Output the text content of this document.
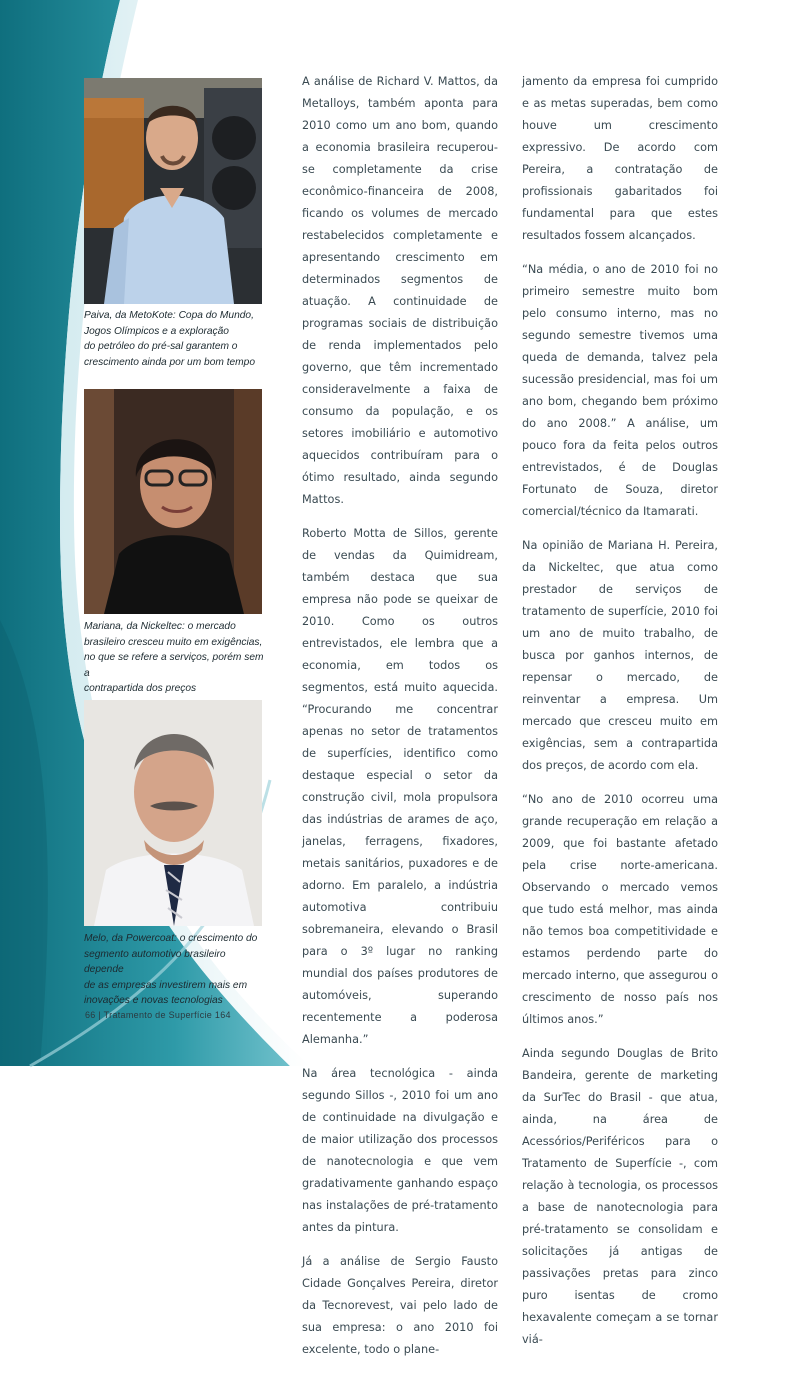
Paiva, da MetoKote: Copa do Mundo,
Jogos Olímpicos e a exploração
do petróleo do pré-sal garantem o
crescimento ainda por um bom tempo
Mariana, da Nickeltec: o mercado
brasileiro cresceu muito em exigências,
no que se refere a serviços, porém sem a
contrapartida dos preços
Melo, da Powercoat: o crescimento do
segmento automotivo brasileiro depende
de as empresas investirem mais em
inovações e novas tecnologias

A análise de Richard V. Mattos, da Metalloys, também aponta para 2010 como um ano bom, quando a economia brasileira recuperou-se completamente da crise econômico-financeira de 2008, ficando os volumes de mercado restabelecidos completamente e apresentando crescimento em determinados segmentos de atuação. A continuidade de programas sociais de distribuição de renda implementados pelo governo, que têm incrementado consideravelmente a faixa de consumo da população, e os setores imobiliário e automotivo aquecidos contribuíram para o ótimo resultado, ainda segundo Mattos.

Roberto Motta de Sillos, gerente de vendas da Quimidream, também destaca que sua empresa não pode se queixar de 2010. Como os outros entrevistados, ele lembra que a economia, em todos os segmentos, está muito aquecida. “Procurando me concentrar apenas no setor de tratamentos de superfícies, identifico como destaque especial o setor da construção civil, mola propulsora das indústrias de arames de aço, janelas, ferragens, fixadores, metais sanitários, puxadores e de adorno. Em paralelo, a indústria automotiva contribuiu sobremaneira, elevando o Brasil para o 3º lugar no ranking mundial dos países produtores de automóveis, superando recentemente a poderosa Alemanha.”

Na área tecnológica - ainda segundo Sillos -, 2010 foi um ano de continuidade na divulgação e de maior utilização dos processos de nanotecnologia e que vem gradativamente ganhando espaço nas instalações de pré-tratamento antes da pintura.

Já a análise de Sergio Fausto Cidade Gonçalves Pereira, diretor da Tecnorevest, vai pelo lado de sua empresa: o ano 2010 foi excelente, todo o plane-

jamento da empresa foi cumprido e as metas superadas, bem como houve um crescimento expressivo. De acordo com Pereira, a contratação de profissionais gabaritados foi fundamental para que estes resultados fossem alcançados.

“Na média, o ano de 2010 foi no primeiro semestre muito bom pelo consumo interno, mas no segundo semestre tivemos uma queda de demanda, talvez pela sucessão presidencial, mas foi um ano bom, chegando bem próximo do ano 2008.” A análise, um pouco fora da feita pelos outros entrevistados, é de Douglas Fortunato de Souza, diretor comercial/técnico da Itamarati.

Na opinião de Mariana H. Pereira, da Nickeltec, que atua como prestador de serviços de tratamento de superfície, 2010 foi um ano de muito trabalho, de busca por ganhos internos, de repensar o mercado, de reinventar a empresa. Um mercado que cresceu muito em exigências, sem a contrapartida dos preços, de acordo com ela.

“No ano de 2010 ocorreu uma grande recuperação em relação a 2009, que foi bastante afetado pela crise norte-americana. Observando o mercado vemos que tudo está melhor, mas ainda não temos boa competitividade e estamos perdendo parte do mercado interno, que assegurou o crescimento de nosso país nos últimos anos.”

Ainda segundo Douglas de Brito Bandeira, gerente de marketing da SurTec do Brasil - que atua, ainda, na área de Acessórios/Periféricos para o Tratamento de Superfície -, com relação à tecnologia, os processos a base de nanotecnologia para pré-tratamento se consolidam e solicitações já antigas de passivações pretas para zinco puro isentas de cromo hexavalente começam a se tornar viá-

66 | Tratamento de Superfície 164
